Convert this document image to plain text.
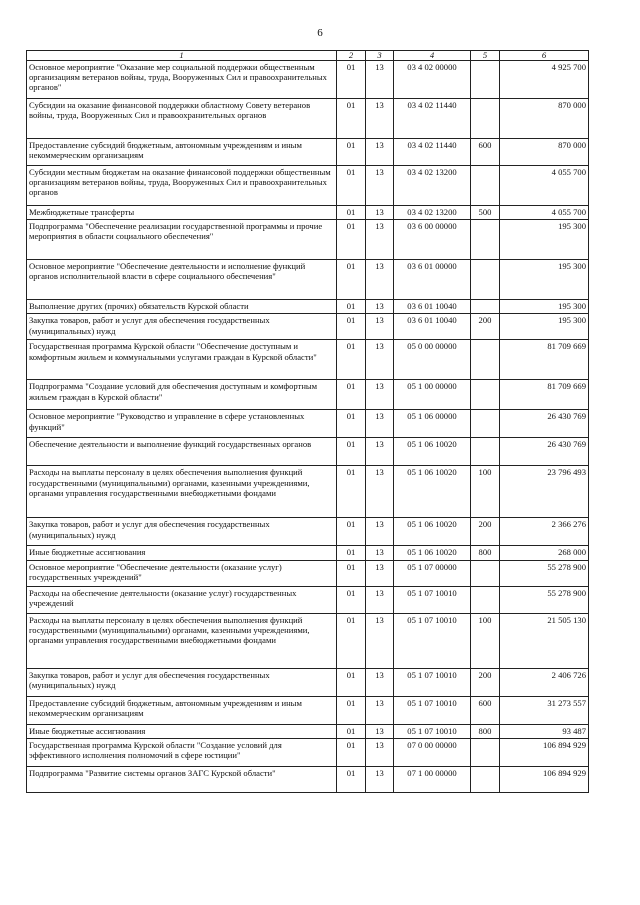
6
1	2	3	4	5	6
Основное мероприятие "Оказание мер социальной поддержки общественным организациям ветеранов войны, труда, Вооруженных Сил и правоохранительных органов"	01	13	03 4 02 00000		4 925 700
Субсидии на оказание финансовой поддержки областному Совету ветеранов войны, труда, Вооруженных Сил и правоохранительных органов	01	13	03 4 02 11440		870 000
Предоставление субсидий бюджетным, автономным учреждениям и иным некоммерческим организациям	01	13	03 4 02 11440	600	870 000
Субсидии местным бюджетам на оказание финансовой поддержки общественным организациям ветеранов войны, труда, Вооруженных Сил и правоохранительных органов	01	13	03 4 02 13200		4 055 700
Межбюджетные трансферты	01	13	03 4 02 13200	500	4 055 700
Подпрограмма "Обеспечение реализации государственной программы и прочие мероприятия в области социального обеспечения"	01	13	03 6 00 00000		195 300
Основное мероприятие "Обеспечение деятельности и исполнение функций органов исполнительной власти в сфере социального обеспечения"	01	13	03 6 01 00000		195 300
Выполнение других (прочих) обязательств Курской области	01	13	03 6 01 10040		195 300
Закупка товаров, работ и услуг для обеспечения государственных (муниципальных) нужд	01	13	03 6 01 10040	200	195 300
Государственная программа Курской области "Обеспечение доступным и комфортным жильем и коммунальными услугами граждан в Курской области"	01	13	05 0 00 00000		81 709 669
Подпрограмма "Создание условий для обеспечения доступным и комфортным жильем граждан в Курской области"	01	13	05 1 00 00000		81 709 669
Основное мероприятие "Руководство и управление в сфере установленных функций"	01	13	05 1 06 00000		26 430 769
Обеспечение деятельности и выполнение функций государственных органов	01	13	05 1 06 10020		26 430 769
Расходы на выплаты персоналу в целях обеспечения выполнения функций государственными (муниципальными) органами, казенными учреждениями, органами управления государственными внебюджетными фондами	01	13	05 1 06 10020	100	23 796 493
Закупка товаров, работ и услуг для обеспечения государственных (муниципальных) нужд	01	13	05 1 06 10020	200	2 366 276
Иные бюджетные ассигнования	01	13	05 1 06 10020	800	268 000
Основное мероприятие "Обеспечение деятельности (оказание услуг) государственных учреждений"	01	13	05 1 07 00000		55 278 900
Расходы на обеспечение деятельности (оказание услуг) государственных учреждений	01	13	05 1 07 10010		55 278 900
Расходы на выплаты персоналу в целях обеспечения выполнения функций государственными (муниципальными) органами, казенными учреждениями, органами управления государственными внебюджетными фондами	01	13	05 1 07 10010	100	21 505 130
Закупка товаров, работ и услуг для обеспечения государственных (муниципальных) нужд	01	13	05 1 07 10010	200	2 406 726
Предоставление субсидий бюджетным, автономным учреждениям и иным некоммерческим организациям	01	13	05 1 07 10010	600	31 273 557
Иные бюджетные ассигнования	01	13	05 1 07 10010	800	93 487
Государственная программа Курской области "Создание условий для эффективного исполнения полномочий в сфере юстиции"	01	13	07 0 00 00000		106 894 929
Подпрограмма "Развитие системы органов ЗАГС Курской области"	01	13	07 1 00 00000		106 894 929
